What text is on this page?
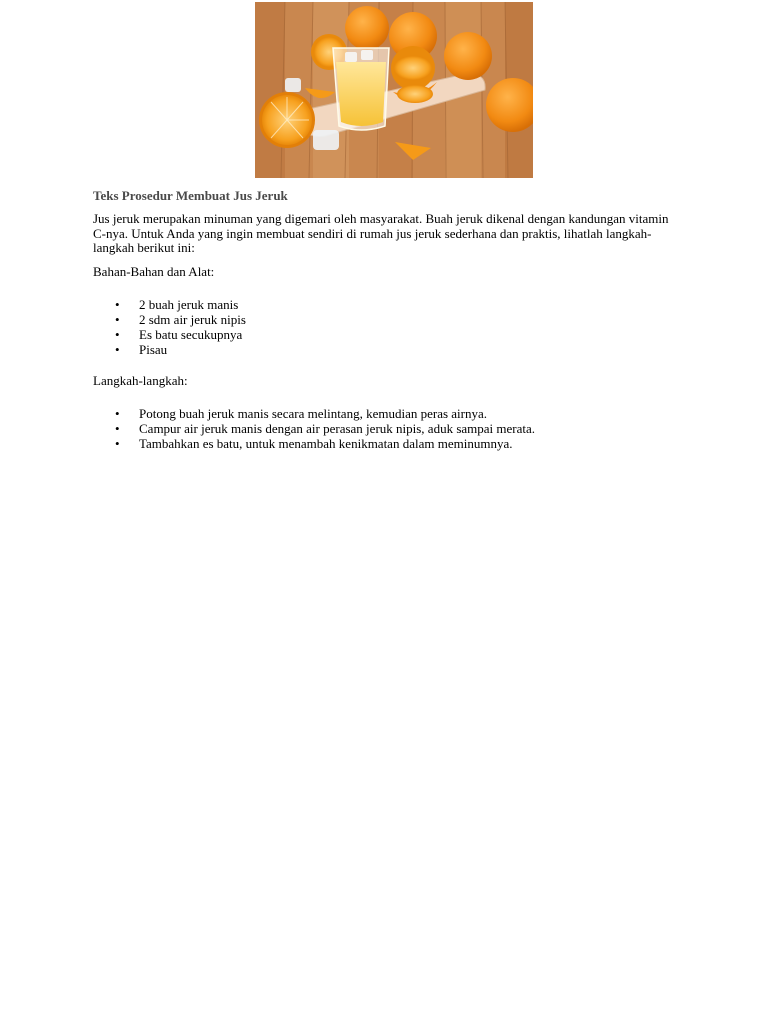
Teks Prosedur Membuat Jus Jeruk

Jus jeruk merupakan minuman yang digemari oleh masyarakat. Buah jeruk dikenal dengan kandungan vitamin C-nya. Untuk Anda yang ingin membuat sendiri di rumah jus jeruk sederhana dan praktis, lihatlah langkah-langkah berikut ini:

Bahan-Bahan dan Alat:

• 2 buah jeruk manis
• 2 sdm air jeruk nipis
• Es batu secukupnya
• Pisau

Langkah-langkah:

• Potong buah jeruk manis secara melintang, kemudian peras airnya.
• Campur air jeruk manis dengan air perasan jeruk nipis, aduk sampai merata.
• Tambahkan es batu, untuk menambah kenikmatan dalam meminumnya.
